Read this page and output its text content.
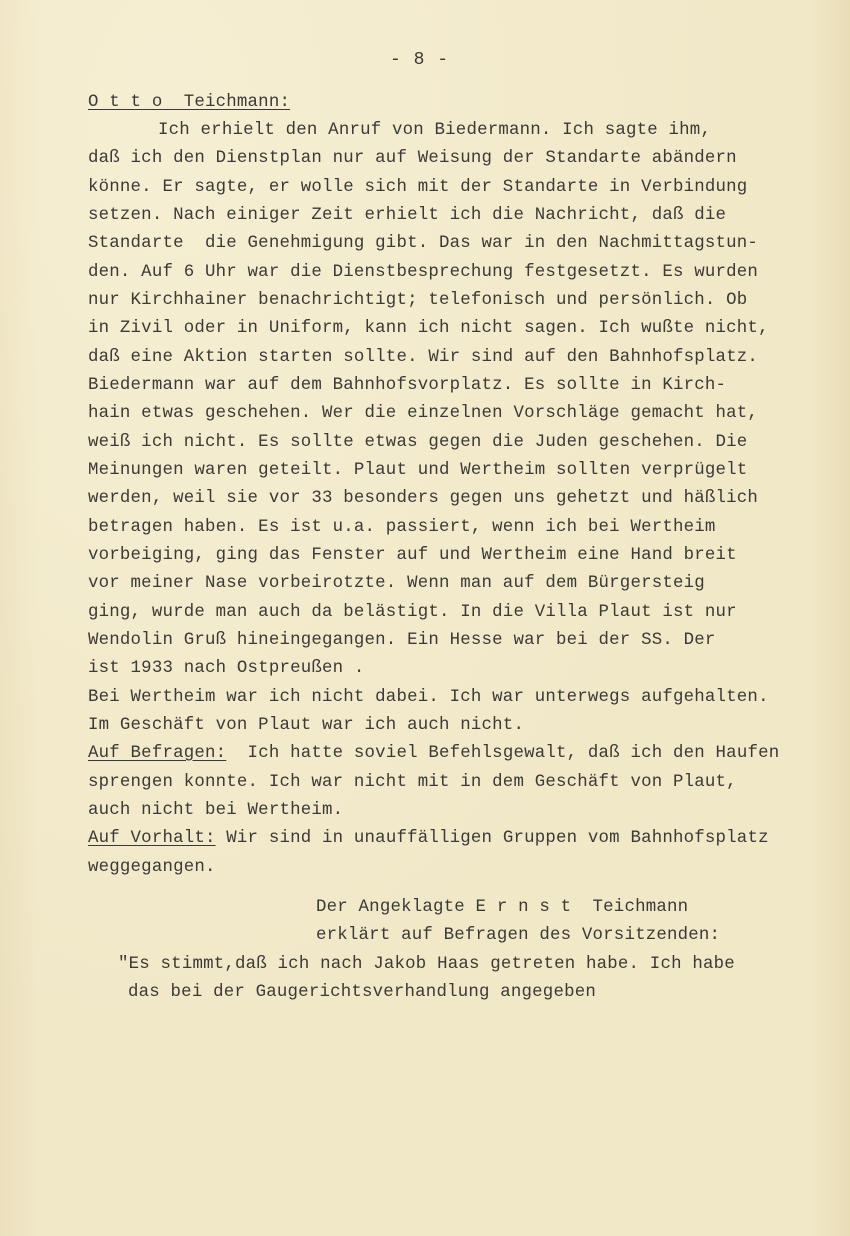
- 8 -
O t t o  Teichmann:
Ich erhielt den Anruf von Biedermann. Ich sagte ihm,
daß ich den Dienstplan nur auf Weisung der Standarte abändern
könne. Er sagte, er wolle sich mit der Standarte in Verbindung
setzen. Nach einiger Zeit erhielt ich die Nachricht, daß die
Standarte  die Genehmigung gibt. Das war in den Nachmittagstun-
den. Auf 6 Uhr war die Dienstbesprechung festgesetzt. Es wurden
nur Kirchhainer benachrichtigt; telefonisch und persönlich. Ob
in Zivil oder in Uniform, kann ich nicht sagen. Ich wußte nicht,
daß eine Aktion starten sollte. Wir sind auf den Bahnhofsplatz.
Biedermann war auf dem Bahnhofsvorplatz. Es sollte in Kirch-
hain etwas geschehen. Wer die einzelnen Vorschläge gemacht hat,
weiß ich nicht. Es sollte etwas gegen die Juden geschehen. Die
Meinungen waren geteilt. Plaut und Wertheim sollten verprügelt
werden, weil sie vor 33 besonders gegen uns gehetzt und häßlich
betragen haben. Es ist u.a. passiert, wenn ich bei Wertheim
vorbeiging, ging das Fenster auf und Wertheim eine Hand breit
vor meiner Nase vorbeirotzte. Wenn man auf dem Bürgersteig
ging, wurde man auch da belästigt. In die Villa Plaut ist nur
Wendolin Gruß hineingegangen. Ein Hesse war bei der SS. Der
ist 1933 nach Ostpreußen .
Bei Wertheim war ich nicht dabei. Ich war unterwegs aufgehalten.
Im Geschäft von Plaut war ich auch nicht.
Auf Befragen:  Ich hatte soviel Befehlsgewalt, daß ich den Haufen
sprengen konnte. Ich war nicht mit in dem Geschäft von Plaut,
auch nicht bei Wertheim.
Auf Vorhalt: Wir sind in unauffälligen Gruppen vom Bahnhofsplatz
weggegangen.
Der Angeklagte E r n s t  Teichmann
erklärt auf Befragen des Vorsitzenden:
"Es stimmt,daß ich nach Jakob Haas getreten habe. Ich habe
das bei der Gaugerichtsverhandlung angegeben
